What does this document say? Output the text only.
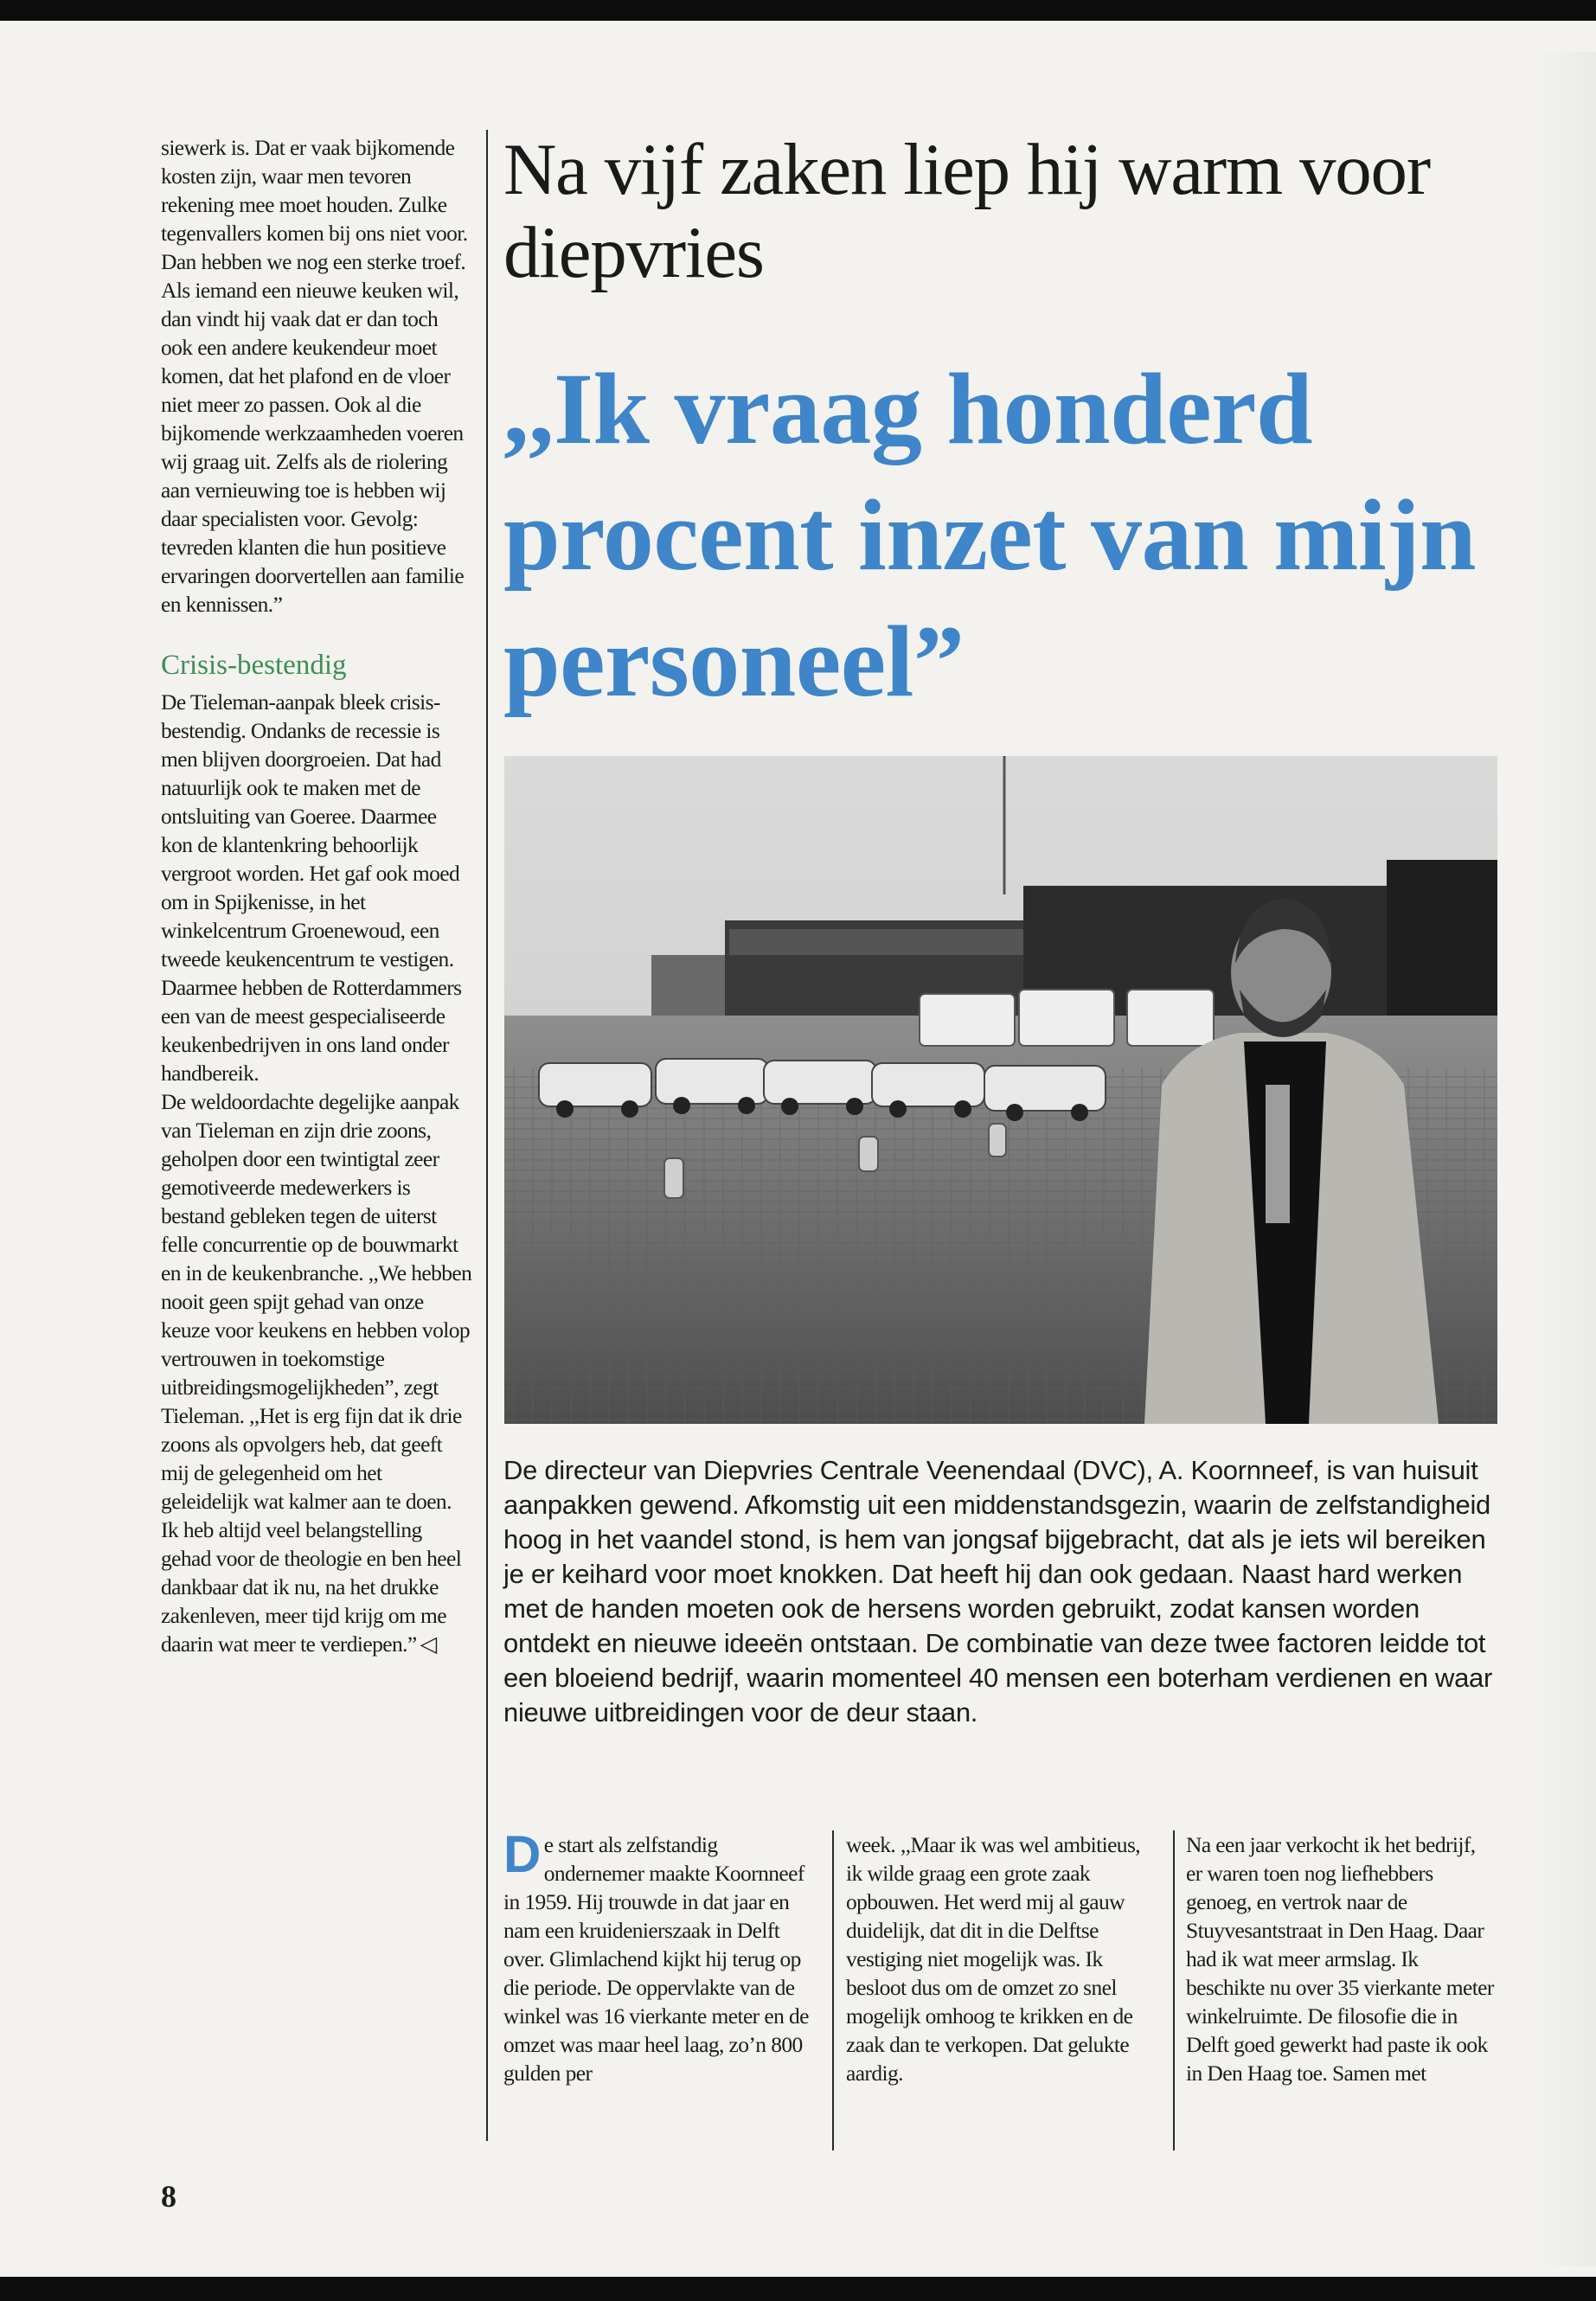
siewerk is. Dat er vaak bijkomende kosten zijn, waar men tevoren rekening mee moet houden. Zulke tegenvallers komen bij ons niet voor.

Dan hebben we nog een sterke troef. Als iemand een nieuwe keuken wil, dan vindt hij vaak dat er dan toch ook een andere keukendeur moet komen, dat het plafond en de vloer niet meer zo passen. Ook al die bijkomende werkzaamheden voeren wij graag uit. Zelfs als de riolering aan vernieuwing toe is hebben wij daar specialisten voor. Gevolg: tevreden klanten die hun positieve ervaringen doorvertellen aan familie en kennissen.”

Crisis-bestendig

De Tieleman-aanpak bleek crisis-bestendig. Ondanks de recessie is men blijven doorgroeien. Dat had natuurlijk ook te maken met de ontsluiting van Goeree. Daarmee kon de klantenkring behoorlijk vergroot worden. Het gaf ook moed om in Spijkenisse, in het winkelcentrum Groenewoud, een tweede keukencentrum te vestigen. Daarmee hebben de Rotterdammers een van de meest gespecialiseerde keukenbedrijven in ons land onder handbereik.

De weldoordachte degelijke aanpak van Tieleman en zijn drie zoons, geholpen door een twintigtal zeer gemotiveerde medewerkers is bestand gebleken tegen de uiterst felle concurrentie op de bouwmarkt en in de keukenbranche. ,,We hebben nooit geen spijt gehad van onze keuze voor keukens en hebben volop vertrouwen in toekomstige uitbreidingsmogelijkheden”, zegt Tieleman. ,,Het is erg fijn dat ik drie zoons als opvolgers heb, dat geeft mij de gelegenheid om het geleidelijk wat kalmer aan te doen. Ik heb altijd veel belangstelling gehad voor de theologie en ben heel dankbaar dat ik nu, na het drukke zakenleven, meer tijd krijg om me daarin wat meer te verdiepen.” ◁

Na vijf zaken liep hij warm voor diepvries
,,Ik vraag honderd procent inzet van mijn personeel”
De directeur van Diepvries Centrale Veenendaal (DVC), A. Koornneef, is van huisuit aanpakken gewend. Afkomstig uit een middenstandsgezin, waarin de zelfstandigheid hoog in het vaandel stond, is hem van jongsaf bijgebracht, dat als je iets wil bereiken je er keihard voor moet knokken. Dat heeft hij dan ook gedaan. Naast hard werken met de handen moeten ook de hersens worden gebruikt, zodat kansen worden ontdekt en nieuwe ideeën ontstaan. De combinatie van deze twee factoren leidde tot een bloeiend bedrijf, waarin momenteel 40 mensen een boterham verdienen en waar nieuwe uitbreidingen voor de deur staan.

De start als zelfstandig ondernemer maakte Koornneef in 1959. Hij trouwde in dat jaar en nam een kruidenierszaak in Delft over. Glimlachend kijkt hij terug op die periode. De oppervlakte van de winkel was 16 vierkante meter en de omzet was maar heel laag, zo’n 800 gulden per

week. ,,Maar ik was wel ambitieus, ik wilde graag een grote zaak opbouwen. Het werd mij al gauw duidelijk, dat dit in die Delftse vestiging niet mogelijk was. Ik besloot dus om de omzet zo snel mogelijk omhoog te krikken en de zaak dan te verkopen. Dat gelukte aardig.

Na een jaar verkocht ik het bedrijf, er waren toen nog liefhebbers genoeg, en vertrok naar de Stuyvesantstraat in Den Haag. Daar had ik wat meer armslag. Ik beschikte nu over 35 vierkante meter winkelruimte. De filosofie die in Delft goed gewerkt had paste ik ook in Den Haag toe. Samen met

8
